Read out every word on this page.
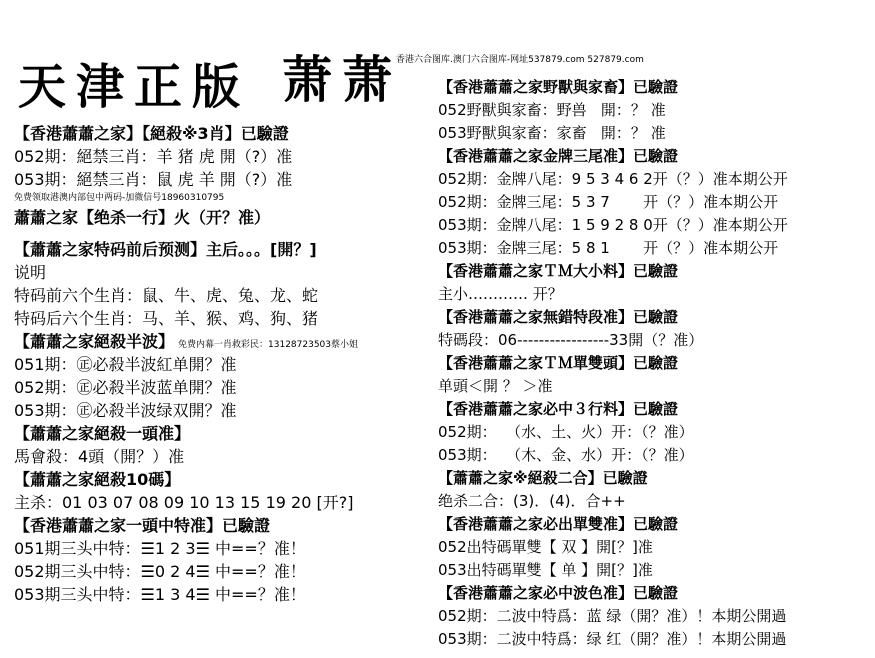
天津正版 萧萧
香港六合图库.澳门六合图库-网址537879.com 527879.com
【香港蕭蕭之家】【絕殺※3肖】已驗證
052期：絕禁三肖：羊 猪 虎 開（?）准
053期：絕禁三肖：鼠 虎 羊 開（?）准
免费领取港澳内部包中两码-加微信号18960310795
蕭蕭之家【绝杀一行】火（开？准）
【蕭蕭之家特码前后预测】主后。。。[開？]
说明
特码前六个生肖：鼠、牛、虎、兔、龙、蛇
特码后六个生肖：马、羊、猴、鸡、狗、猪
【蕭蕭之家絕殺半波】 免费内幕一肖救彩民：13128723503蔡小姐
051期：㊣必殺半波紅单開？准
052期：㊣必殺半波蓝单開？准
053期：㊣必殺半波绿双開？准
【蕭蕭之家絕殺一頭准】
馬會殺：4頭（開？）准
【蕭蕭之家絕殺10碼】
主杀：01 03 07 08 09 10 13 15 19 20 [开?]
【香港蕭蕭之家一頭中特准】已驗證
051期三头中特：☰1 2 3☰ 中==？准！
052期三头中特：☰0 2 4☰ 中==？准！
053期三头中特：☰1 3 4☰ 中==？准！
【香港蕭蕭之家野獸與家畜】已驗證
052野獸與家畜：野兽   開：？ 准
053野獸與家畜：家畜   開：？ 准
【香港蕭蕭之家金牌三尾准】已驗證
052期：金牌八尾：9 5 3 4 6 2开（？）准本期公开
052期：金牌三尾：5 3 7       开（？）准本期公开
053期：金牌八尾：1 5 9 2 8 0开（？）准本期公开
053期：金牌三尾：5 8 1       开（？）准本期公开
【香港蕭蕭之家ＴＭ大小料】已驗證
主小………… 开？
【香港蕭蕭之家無錯特段准】已驗證
特碼段：06-----------------33開（？准）
【香港蕭蕭之家ＴＭ單雙頭】已驗證
单頭＜開 ？ ＞准
【香港蕭蕭之家必中３行料】已驗證
052期：  （水、土、火）开：（？准）
053期：  （木、金、水）开：（？准）
【蕭蕭之家※絕殺二合】已驗證
绝杀二合：(3)．(4)．合++
【香港蕭蕭之家必出單雙准】已驗證
052出特碼單雙【 双 】開[？]准
053出特碼單雙【 单 】開[？]准
【香港蕭蕭之家必中波色准】已驗證
052期：二波中特爲：蓝 绿（開？准）！本期公開過
053期：二波中特爲：绿 红（開？准）！本期公開過
